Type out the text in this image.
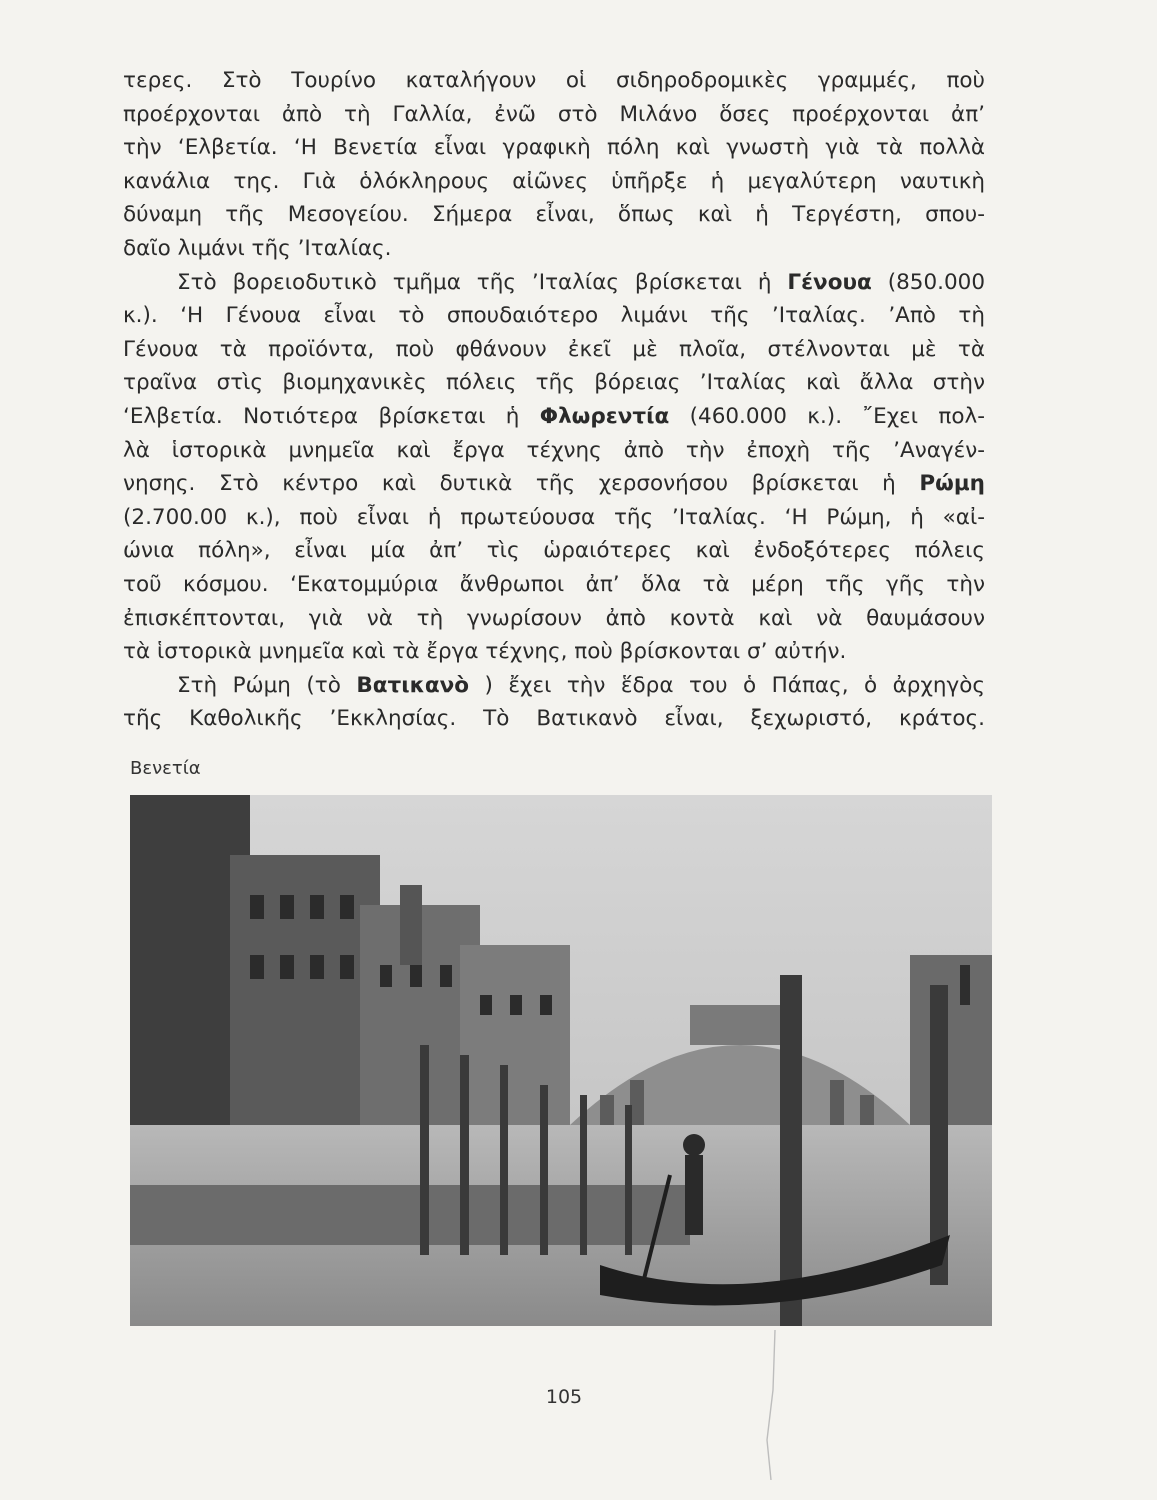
τερες. Στὸ Τουρίνο καταλήγουν οἱ σιδηροδρομικὲς γραμμές, ποὺ
προέρχονται ἀπὸ τὴ Γαλλία, ἐνῶ στὸ Μιλάνο ὅσες προέρχονται ἀπ’
τὴν ‘Ελβετία. ‘Η Βενετία εἶναι γραφικὴ πόλη καὶ γνωστὴ γιὰ τὰ πολλὰ
κανάλια της. Γιὰ ὁλόκληρους αἰῶνες ὑπῆρξε ἡ μεγαλύτερη ναυτικὴ
δύναμη τῆς Μεσογείου. Σήμερα εἶναι, ὅπως καὶ ἡ Τεργέστη, σπου-
δαῖο λιμάνι τῆς ’Ιταλίας.
Στὸ βορειοδυτικὸ τμῆμα τῆς ’Ιταλίας βρίσκεται ἡ Γένουα (850.000
κ.). ‘Η Γένουα εἶναι τὸ σπουδαιότερο λιμάνι τῆς ’Ιταλίας. ’Απὸ τὴ
Γένουα τὰ προϊόντα, ποὺ φθάνουν ἐκεῖ μὲ πλοῖα, στέλνονται μὲ τὰ
τραῖνα στὶς βιομηχανικὲς πόλεις τῆς βόρειας ’Ιταλίας καὶ ἄλλα στὴν
‘Ελβετία. Νοτιότερα βρίσκεται ἡ Φλωρεντία (460.000 κ.). ῎Εχει πολ-
λὰ ἱστορικὰ μνημεῖα καὶ ἔργα τέχνης ἀπὸ τὴν ἐποχὴ τῆς ’Αναγέν-
νησης. Στὸ κέντρο καὶ δυτικὰ τῆς χερσονήσου βρίσκεται ἡ Ρώμη
(2.700.00 κ.), ποὺ εἶναι ἡ πρωτεύουσα τῆς ’Ιταλίας. ‘Η Ρώμη, ἡ «αἰ-
ώνια πόλη», εἶναι μία ἀπ’ τὶς ὡραιότερες καὶ ἐνδοξότερες πόλεις
τοῦ κόσμου. ‘Εκατομμύρια ἄνθρωποι ἀπ’ ὅλα τὰ μέρη τῆς γῆς τὴν
ἐπισκέπτονται, γιὰ νὰ τὴ γνωρίσουν ἀπὸ κοντὰ καὶ νὰ θαυμάσουν
τὰ ἱστορικὰ μνημεῖα καὶ τὰ ἔργα τέχνης, ποὺ βρίσκονται σ’ αὐτήν.
Στὴ Ρώμη (τὸ Βατικανὸ ) ἔχει τὴν ἕδρα του ὁ Πάπας, ὁ ἀρχηγὸς
τῆς Καθολικῆς ’Εκκλησίας. Τὸ Βατικανὸ εἶναι, ξεχωριστό, κράτος.
Βενετία
105
